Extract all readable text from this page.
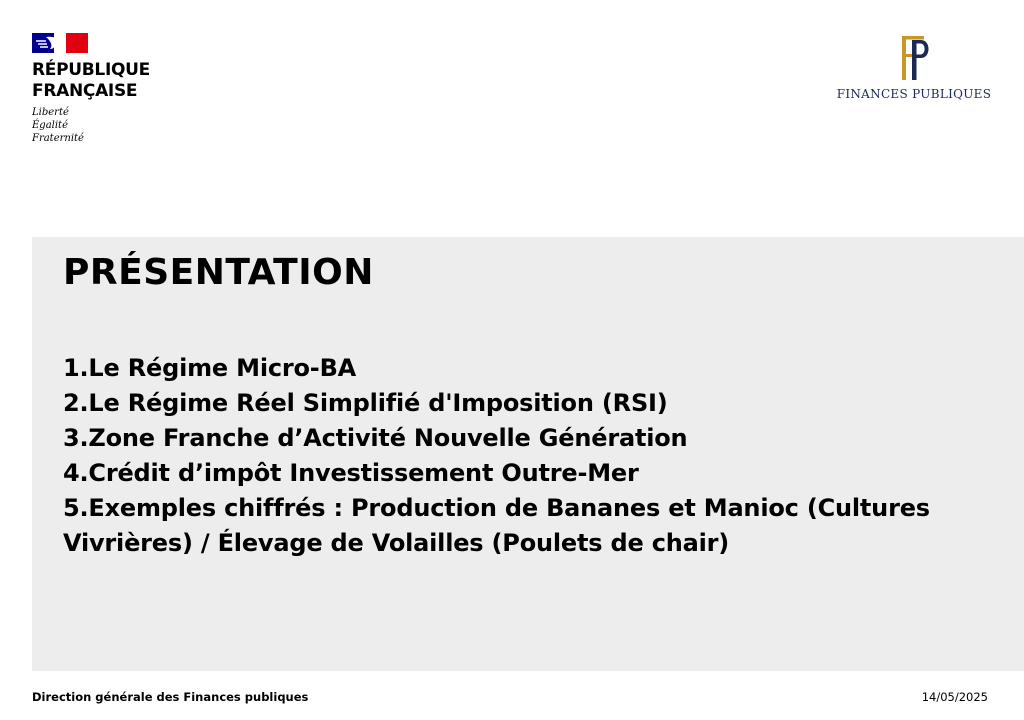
RÉPUBLIQUE
FRANÇAISE
Liberté
Égalité
Fraternité
FINANCES PUBLIQUES
PRÉSENTATION
1.Le Régime Micro-BA
2.Le Régime Réel Simplifié d'Imposition (RSI)
3.Zone Franche d’Activité Nouvelle Génération
4.Crédit d’impôt Investissement Outre-Mer
5.Exemples chiffrés : Production de Bananes et Manioc (Cultures Vivrières) / Élevage de Volailles (Poulets de chair)
Direction générale des Finances publiques	14/05/2025
